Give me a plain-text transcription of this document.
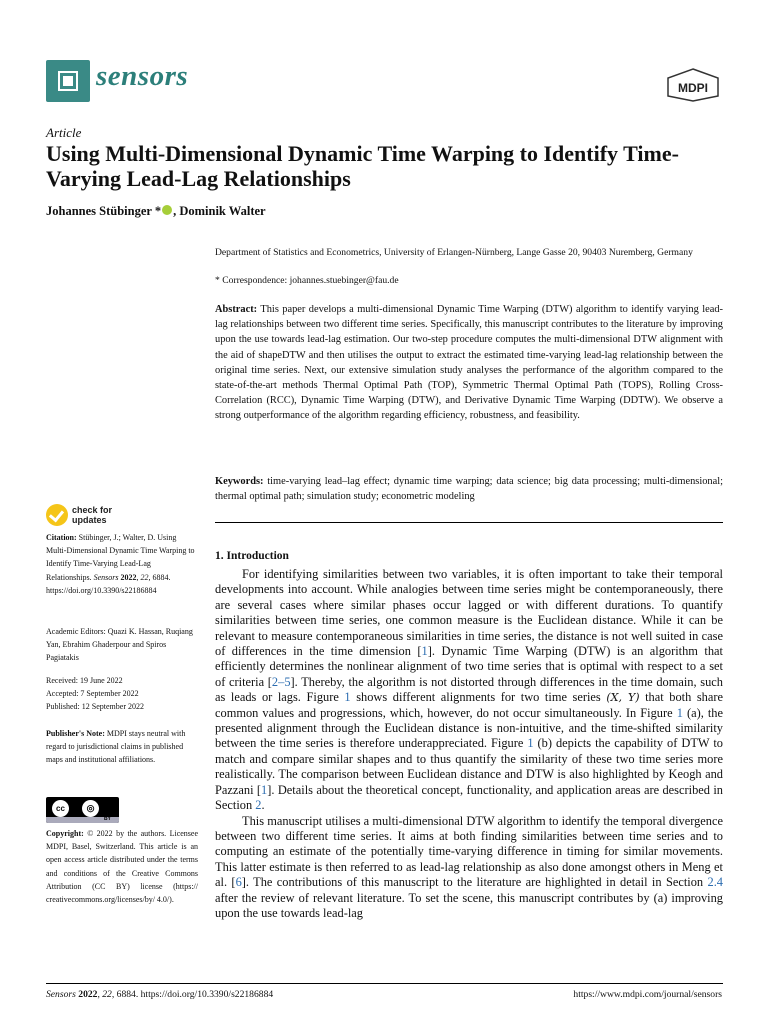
sensors	MDPI
Article
Using Multi-Dimensional Dynamic Time Warping to Identify Time-Varying Lead-Lag Relationships
Johannes Stübinger * , Dominik Walter
Department of Statistics and Econometrics, University of Erlangen-Nürnberg, Lange Gasse 20, 90403 Nuremberg, Germany
* Correspondence: johannes.stuebinger@fau.de
Abstract: This paper develops a multi-dimensional Dynamic Time Warping (DTW) algorithm to identify varying lead-lag relationships between two different time series. Specifically, this manuscript contributes to the literature by improving upon the use towards lead-lag estimation. Our two-step procedure computes the multi-dimensional DTW alignment with the aid of shapeDTW and then utilises the output to extract the estimated time-varying lead-lag relationship between the original time series. Next, our extensive simulation study analyses the performance of the algorithm compared to the state-of-the-art methods Thermal Optimal Path (TOP), Symmetric Thermal Optimal Path (TOPS), Rolling Cross-Correlation (RCC), Dynamic Time Warping (DTW), and Derivative Dynamic Time Warping (DDTW). We observe a strong outperformance of the algorithm regarding efficiency, robustness, and feasibility.
Keywords: time-varying lead–lag effect; dynamic time warping; data science; big data processing; multi-dimensional; thermal optimal path; simulation study; econometric modeling
1. Introduction

For identifying similarities between two variables, it is often important to take their temporal developments into account. While analogies between time series might be contemporaneously, there are several cases where similar phases occur lagged or with different durations. To quantify similarities between time series, one common measure is the Euclidean distance. While it can be relevant to measure contemporaneous similarities in time series, the distance is not well suited in case of differences in the time dimension [1]. Dynamic Time Warping (DTW) is an algorithm that efficiently determines the nonlinear alignment of two time series that is optimal with respect to a set of criteria [2–5]. Thereby, the algorithm is not distorted through differences in the time domain, such as leads or lags. Figure 1 shows different alignments for two time series (X, Y) that both share common values and progressions, which, however, do not occur simultaneously. In Figure 1 (a), the presented alignment through the Euclidean distance is non-intuitive, and the time-shifted similarity between the time series is therefore underappreciated. Figure 1 (b) depicts the capability of DTW to match and compare similar shapes and to thus quantify the similarity of these two time series more realistically. The comparison between Euclidean distance and DTW is also highlighted by Keogh and Pazzani [1]. Details about the theoretical concept, functionality, and application areas are described in Section 2.

This manuscript utilises a multi-dimensional DTW algorithm to identify the temporal divergence between two different time series. It aims at both finding similarities between time series and to computing an estimate of the potentially time-varying difference in timing for similar movements. This latter estimate is then referred to as lead-lag relationship as also done amongst others in Meng et al. [6]. The contributions of this manuscript to the literature are highlighted in detail in Section 2.4 after the review of relevant literature. To set the scene, this manuscript contributes by (a) improving upon the use towards lead-lag

check for
updates
Citation: Stübinger, J.; Walter, D. Using Multi-Dimensional Dynamic Time Warping to Identify Time-Varying Lead-Lag Relationships. Sensors 2022, 22, 6884. https://doi.org/10.3390/s22186884
Academic Editors: Quazi K. Hassan, Ruqiang Yan, Ebrahim Ghaderpour and Spiros Pagiatakis
Received: 19 June 2022
Accepted: 7 September 2022
Published: 12 September 2022
Publisher's Note: MDPI stays neutral with regard to jurisdictional claims in published maps and institutional affiliations.
cc	◎
BY
Copyright: © 2022 by the authors. Licensee MDPI, Basel, Switzerland. This article is an open access article distributed under the terms and conditions of the Creative Commons Attribution (CC BY) license (https:// creativecommons.org/licenses/by/ 4.0/).
Sensors 2022, 22, 6884. https://doi.org/10.3390/s22186884	https://www.mdpi.com/journal/sensors
